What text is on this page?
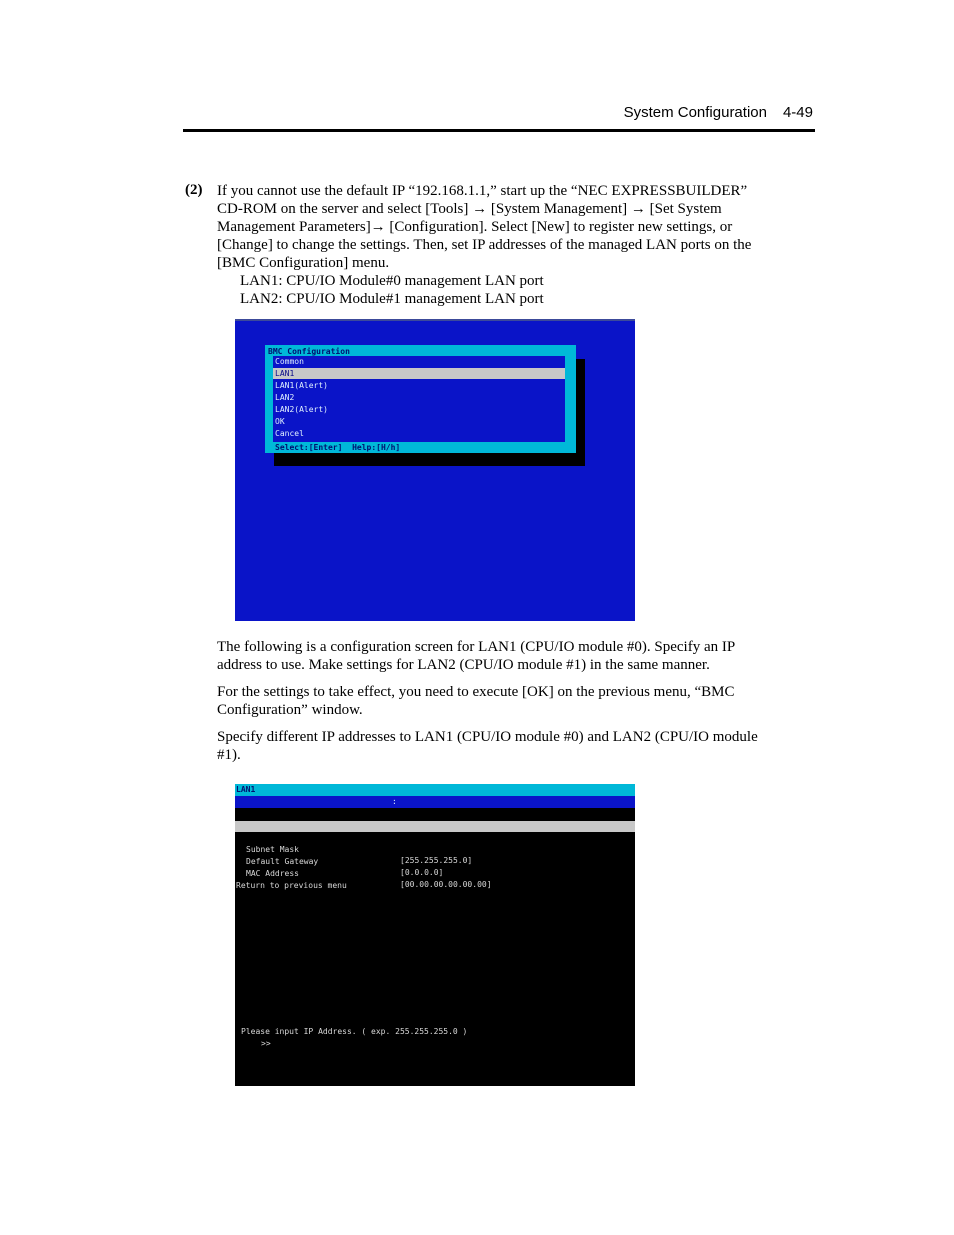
System Configuration 4-49
(2) If you cannot use the default IP “192.168.1.1,” start up the “NEC EXPRESSBUILDER”
CD-ROM on the server and select [Tools] → [System Management] → [Set System
Management Parameters]→ [Configuration]. Select [New] to register new settings, or
[Change] to change the settings. Then, set IP addresses of the managed LAN ports on the
[BMC Configuration] menu.
LAN1: CPU/IO Module#0 management LAN port
LAN2: CPU/IO Module#1 management LAN port
BMC Configuration
Common
LAN1
LAN1(Alert)
LAN2
LAN2(Alert)
OK
Cancel
Select:[Enter]  Help:[H/h]
The following is a configuration screen for LAN1 (CPU/IO module #0). Specify an IP
address to use. Make settings for LAN2 (CPU/IO module #1) in the same manner.
For the settings to take effect, you need to execute [OK] on the previous menu, “BMC
Configuration” window.
Specify different IP addresses to LAN1 (CPU/IO module #0) and LAN2 (CPU/IO module
#1).
LAN1
:

IP Address

[0.0.0.0]

Subnet Mask

[255.255.255.0]

Default Gateway

[0.0.0.0]

MAC Address

[00.00.00.00.00.00]

Return to previous menu

Please input IP Address. ( exp. 255.255.255.0 )
>>
